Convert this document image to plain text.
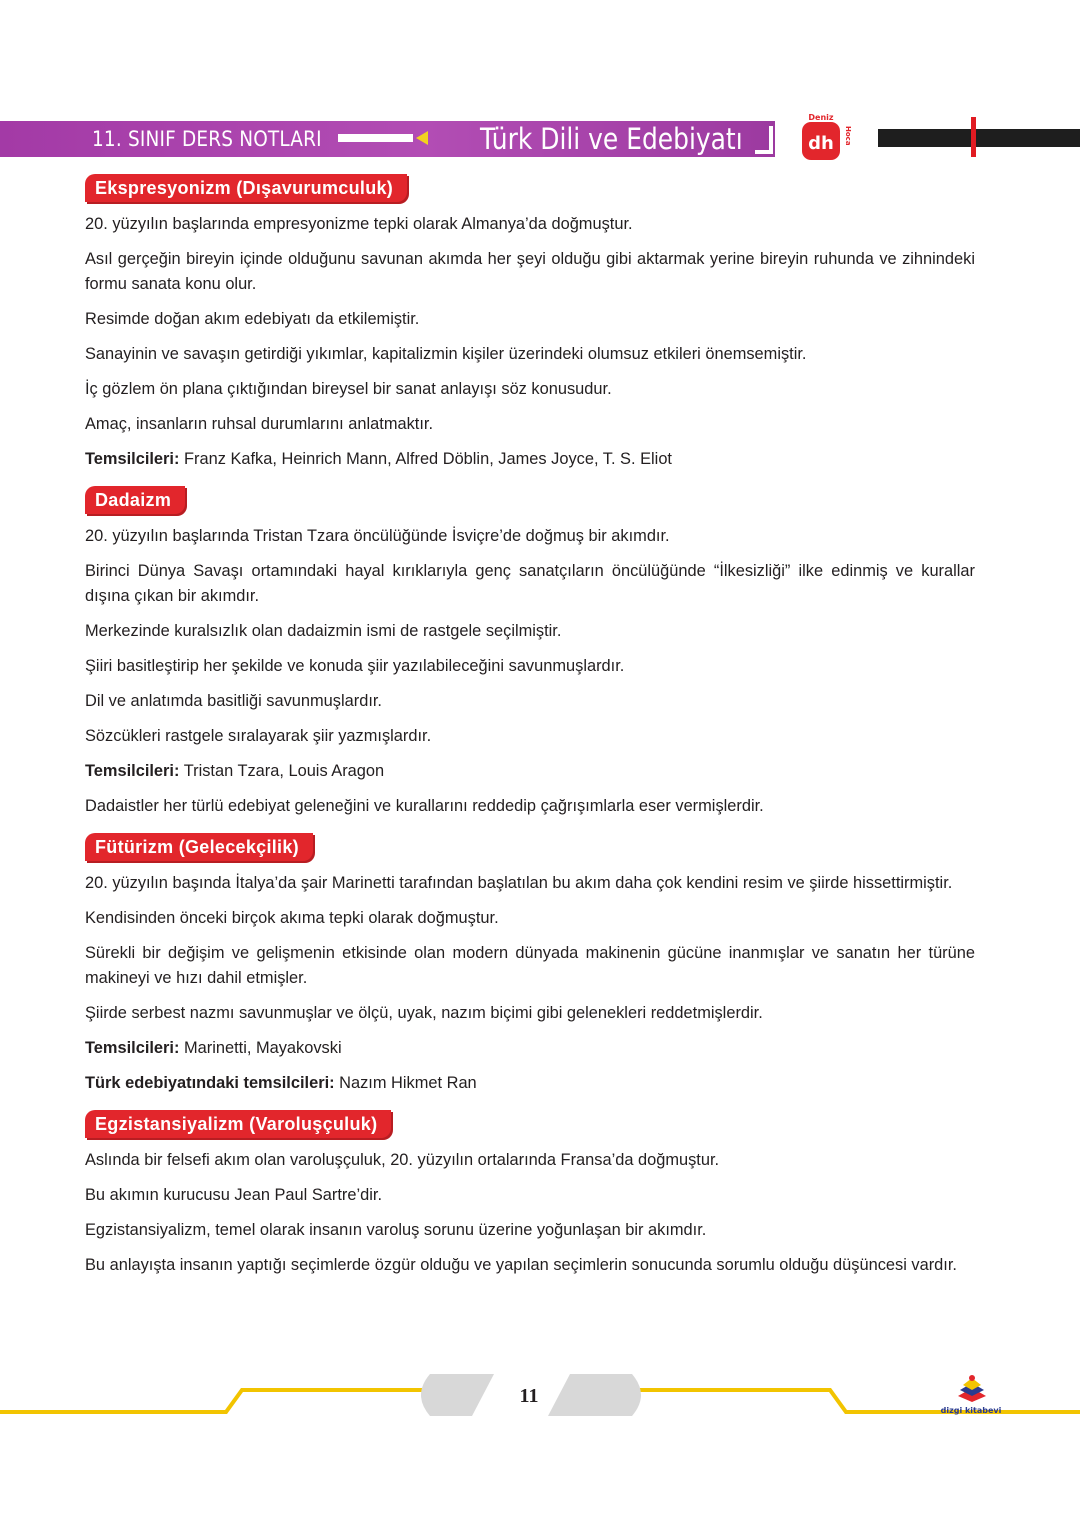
11. SINIF DERS NOTLARI	Türk Dili ve Edebiyatı	dh
Deniz
Hoca
Ekspresyonizm (Dışavurumculuk)

20. yüzyılın başlarında empresyonizme tepki olarak Almanya’da doğmuştur.

Asıl gerçeğin bireyin içinde olduğunu savunan akımda her şeyi olduğu gibi aktarmak yerine bireyin ruhunda ve zihnindeki formu sanata konu olur.

Resimde doğan akım edebiyatı da etkilemiştir.

Sanayinin ve savaşın getirdiği yıkımlar, kapitalizmin kişiler üzerindeki olumsuz etkileri önemsemiştir.

İç gözlem ön plana çıktığından bireysel bir sanat anlayışı söz konusudur.

Amaç, insanların ruhsal durumlarını anlatmaktır.

Temsilcileri: Franz Kafka, Heinrich Mann, Alfred Döblin, James Joyce, T. S. Eliot

Dadaizm

20. yüzyılın başlarında Tristan Tzara öncülüğünde İsviçre’de doğmuş bir akımdır.

Birinci Dünya Savaşı ortamındaki hayal kırıklarıyla genç sanatçıların öncülüğünde “İlkesizliği” ilke edinmiş ve kurallar dışına çıkan bir akımdır.

Merkezinde kuralsızlık olan dadaizmin ismi de rastgele seçilmiştir.

Şiiri basitleştirip her şekilde ve konuda şiir yazılabileceğini savunmuşlardır.

Dil ve anlatımda basitliği savunmuşlardır.

Sözcükleri rastgele sıralayarak şiir yazmışlardır.

Temsilcileri: Tristan Tzara, Louis Aragon

Dadaistler her türlü edebiyat geleneğini ve kurallarını reddedip çağrışımlarla eser vermişlerdir.

Fütürizm (Gelecekçilik)

20. yüzyılın başında İtalya’da şair Marinetti tarafından başlatılan bu akım daha çok kendini resim ve şiirde hissettirmiştir.

Kendisinden önceki birçok akıma tepki olarak doğmuştur.

Sürekli bir değişim ve gelişmenin etkisinde olan modern dünyada makinenin gücüne inanmışlar ve sanatın her türüne makineyi ve hızı dahil etmişler.

Şiirde serbest nazmı savunmuşlar ve ölçü, uyak, nazım biçimi gibi gelenekleri reddetmişlerdir.

Temsilcileri: Marinetti, Mayakovski

Türk edebiyatındaki temsilcileri: Nazım Hikmet Ran

Egzistansiyalizm (Varoluşçuluk)

Aslında bir felsefi akım olan varoluşçuluk, 20. yüzyılın ortalarında Fransa’da doğmuştur.

Bu akımın kurucusu Jean Paul Sartre’dir.

Egzistansiyalizm, temel olarak insanın varoluş sorunu üzerine yoğunlaşan bir akımdır.

Bu anlayışta insanın yaptığı seçimlerde özgür olduğu ve yapılan seçimlerin sonucunda sorumlu olduğu düşüncesi vardır.

11
dizgi kitabevi
